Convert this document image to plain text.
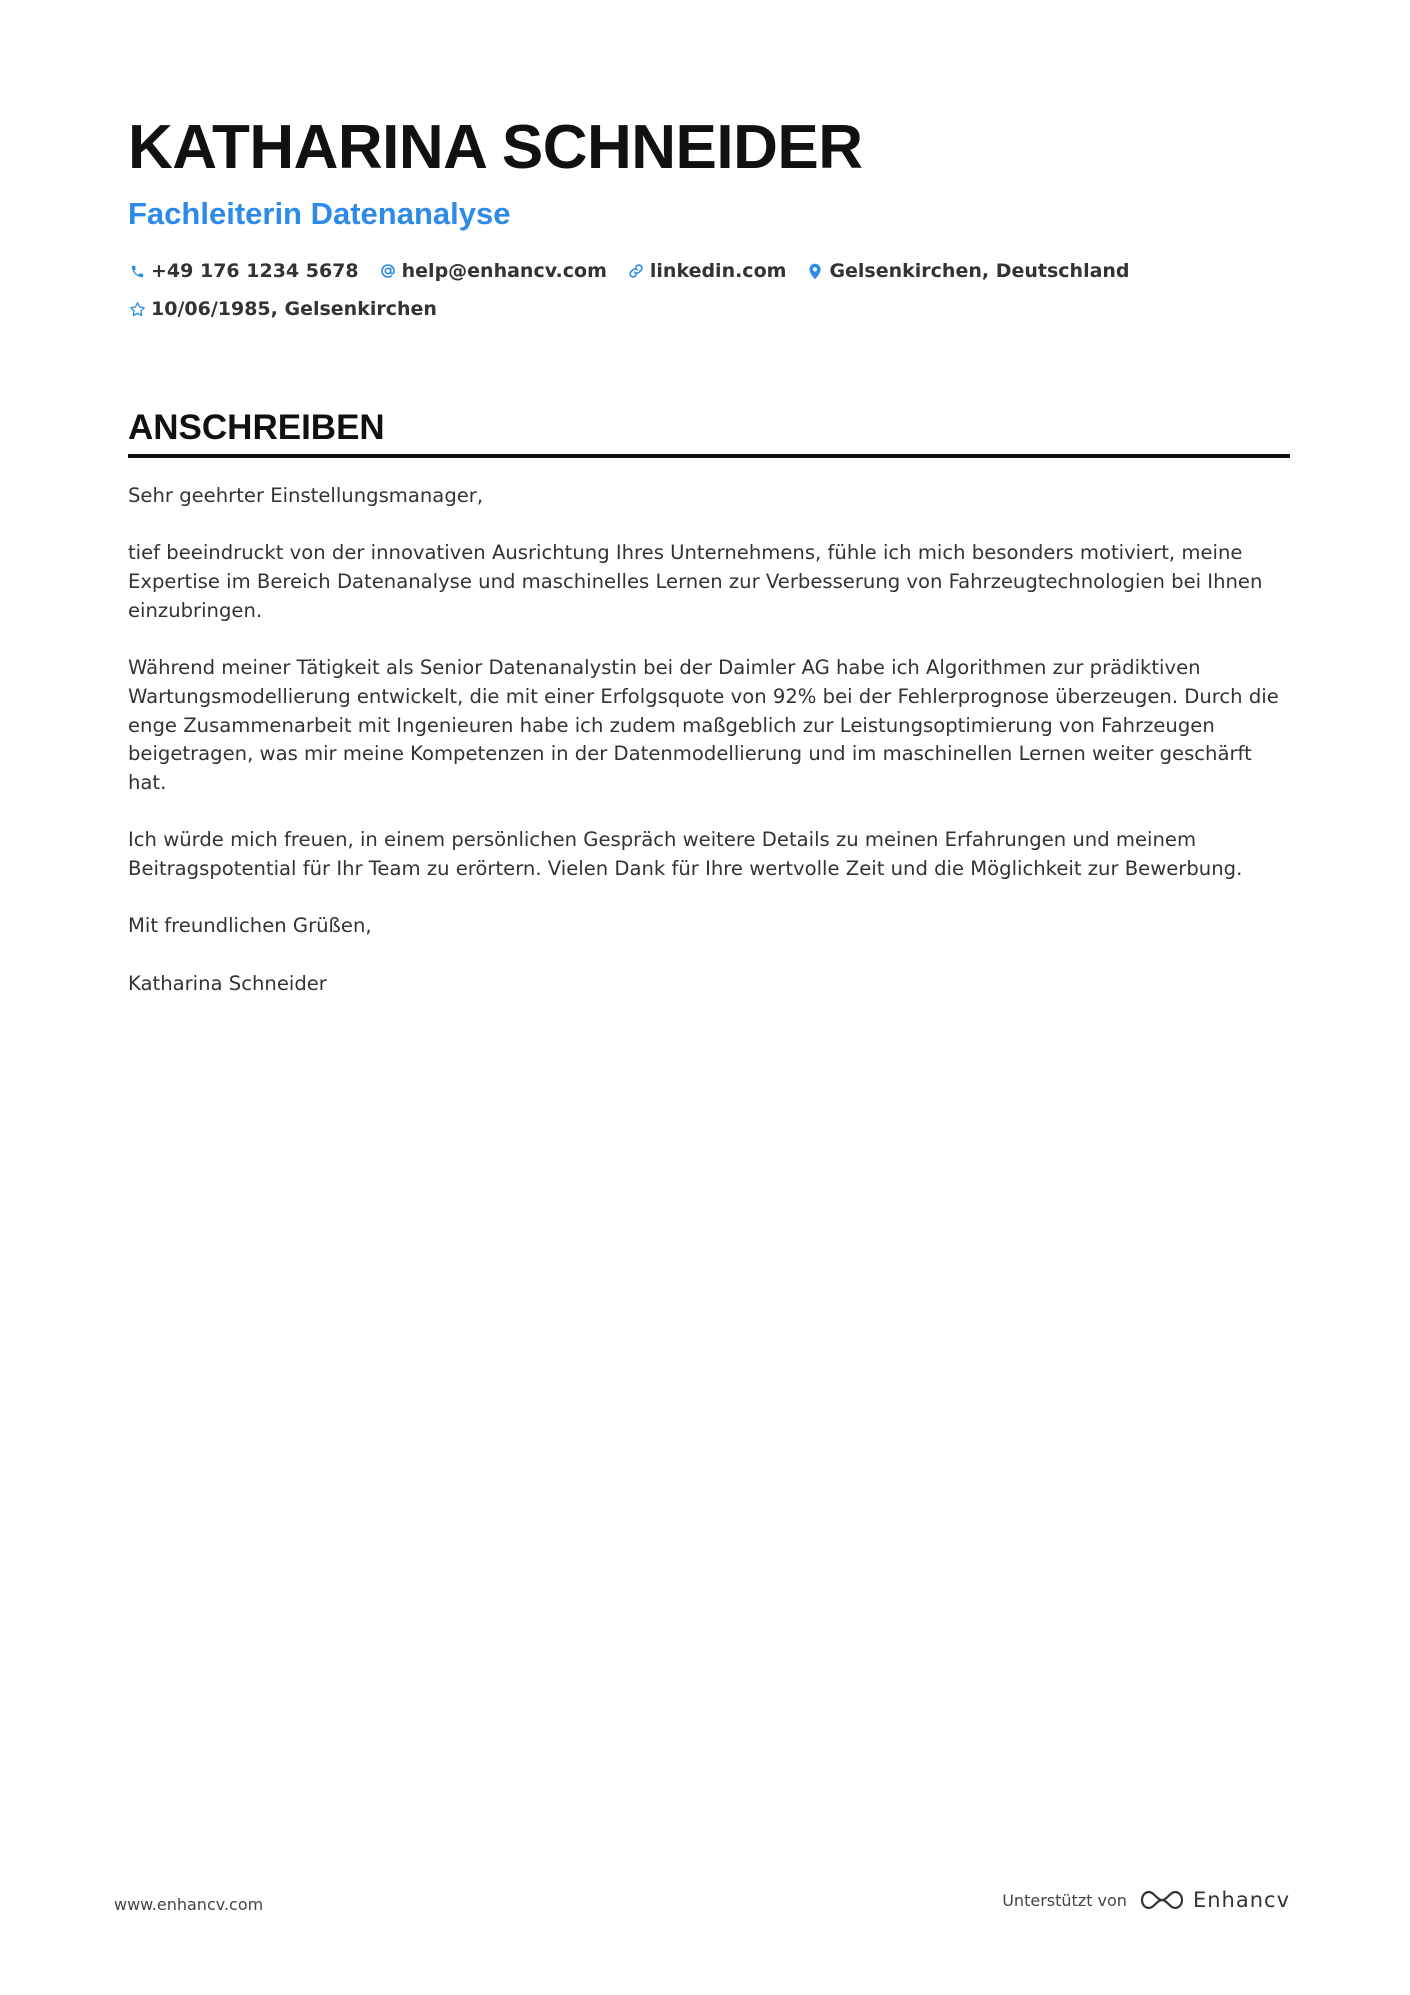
KATHARINA SCHNEIDER
Fachleiterin Datenanalyse
+49 176 1234 5678 help@enhancv.com linkedin.com Gelsenkirchen, Deutschland
10/06/1985, Gelsenkirchen
ANSCHREIBEN

Sehr geehrter Einstellungsmanager,

tief beeindruckt von der innovativen Ausrichtung Ihres Unternehmens, fühle ich mich besonders motiviert, meine Expertise im Bereich Datenanalyse und maschinelles Lernen zur Verbesserung von Fahrzeugtechnologien bei Ihnen einzubringen.

Während meiner Tätigkeit als Senior Datenanalystin bei der Daimler AG habe ich Algorithmen zur prädiktiven Wartungsmodellierung entwickelt, die mit einer Erfolgsquote von 92% bei der Fehlerprognose überzeugen. Durch die enge Zusammenarbeit mit Ingenieuren habe ich zudem maßgeblich zur Leistungsoptimierung von Fahrzeugen beigetragen, was mir meine Kompetenzen in der Datenmodellierung und im maschinellen Lernen weiter geschärft hat.

Ich würde mich freuen, in einem persönlichen Gespräch weitere Details zu meinen Erfahrungen und meinem Beitragspotential für Ihr Team zu erörtern. Vielen Dank für Ihre wertvolle Zeit und die Möglichkeit zur Bewerbung.

Mit freundlichen Grüßen,

Katharina Schneider

www.enhancv.com	Unterstützt von	Enhancv
